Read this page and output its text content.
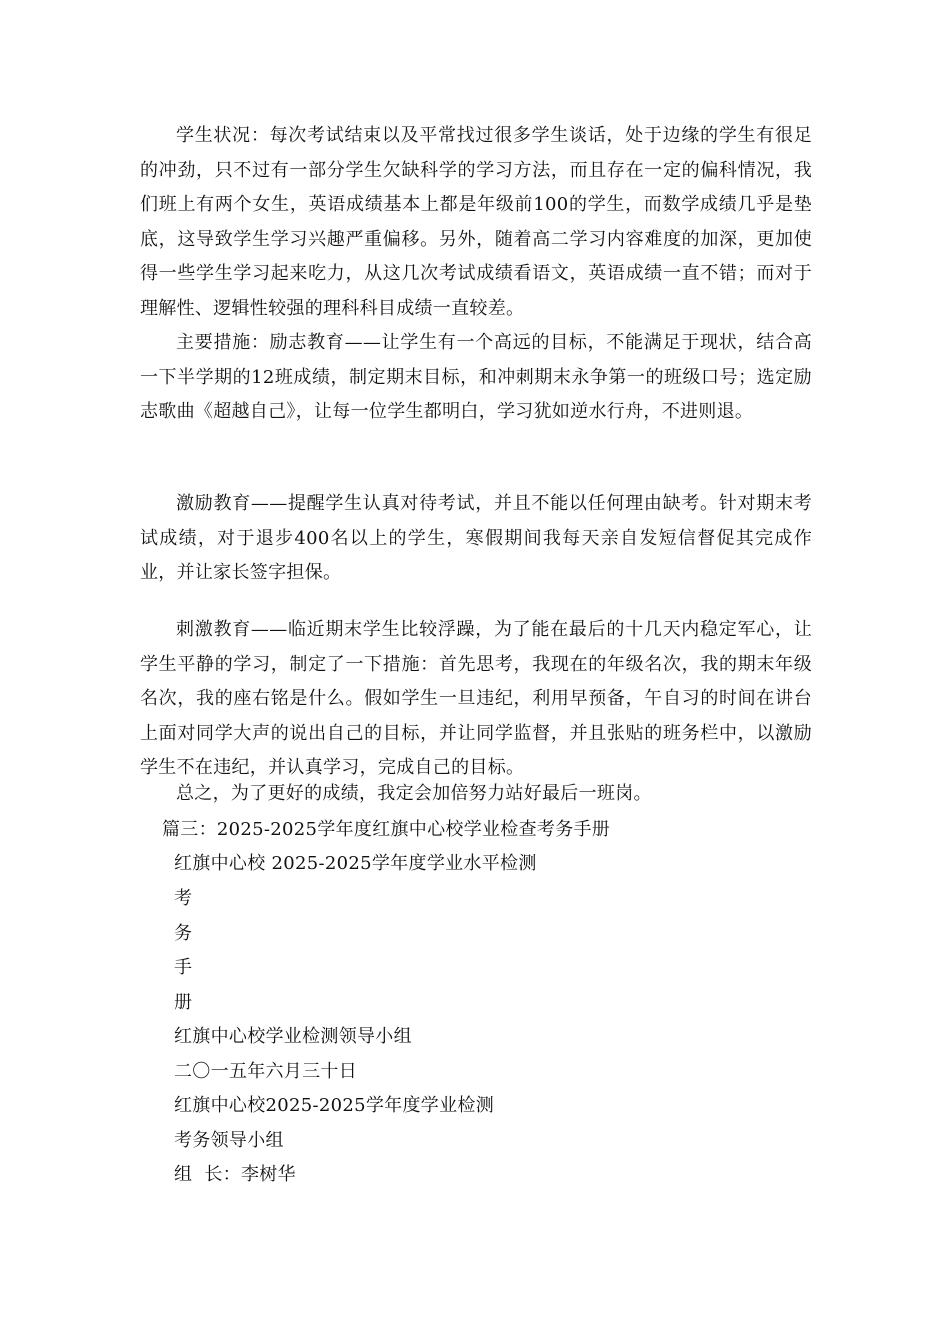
学生状况：每次考试结束以及平常找过很多学生谈话，处于边缘的学生有很足的冲劲，只不过有一部分学生欠缺科学的学习方法，而且存在一定的偏科情况，我们班上有两个女生，英语成绩基本上都是年级前100的学生，而数学成绩几乎是垫底，这导致学生学习兴趣严重偏移。另外，随着高二学习内容难度的加深，更加使得一些学生学习起来吃力，从这几次考试成绩看语文，英语成绩一直不错；而对于理解性、逻辑性较强的理科科目成绩一直较差。

主要措施：励志教育——让学生有一个高远的目标，不能满足于现状，结合高一下半学期的12班成绩，制定期末目标，和冲刺期末永争第一的班级口号；选定励志歌曲《超越自己》，让每一位学生都明白，学习犹如逆水行舟，不进则退。

激励教育——提醒学生认真对待考试，并且不能以任何理由缺考。针对期末考试成绩，对于退步400名以上的学生，寒假期间我每天亲自发短信督促其完成作业，并让家长签字担保。

刺激教育——临近期末学生比较浮躁，为了能在最后的十几天内稳定军心，让学生平静的学习，制定了一下措施：首先思考，我现在的年级名次，我的期末年级名次，我的座右铭是什么。假如学生一旦违纪，利用早预备，午自习的时间在讲台上面对同学大声的说出自己的目标，并让同学监督，并且张贴的班务栏中，以激励学生不在违纪，并认真学习，完成自己的目标。

总之，为了更好的成绩，我定会加倍努力站好最后一班岗。

篇三：2025-2025学年度红旗中心校学业检查考务手册

红旗中心校 2025-2025学年度学业水平检测

考

务

手

册

红旗中心校学业检测领导小组

二〇一五年六月三十日

红旗中心校2025-2025学年度学业检测

考务领导小组

组  长：李树华
